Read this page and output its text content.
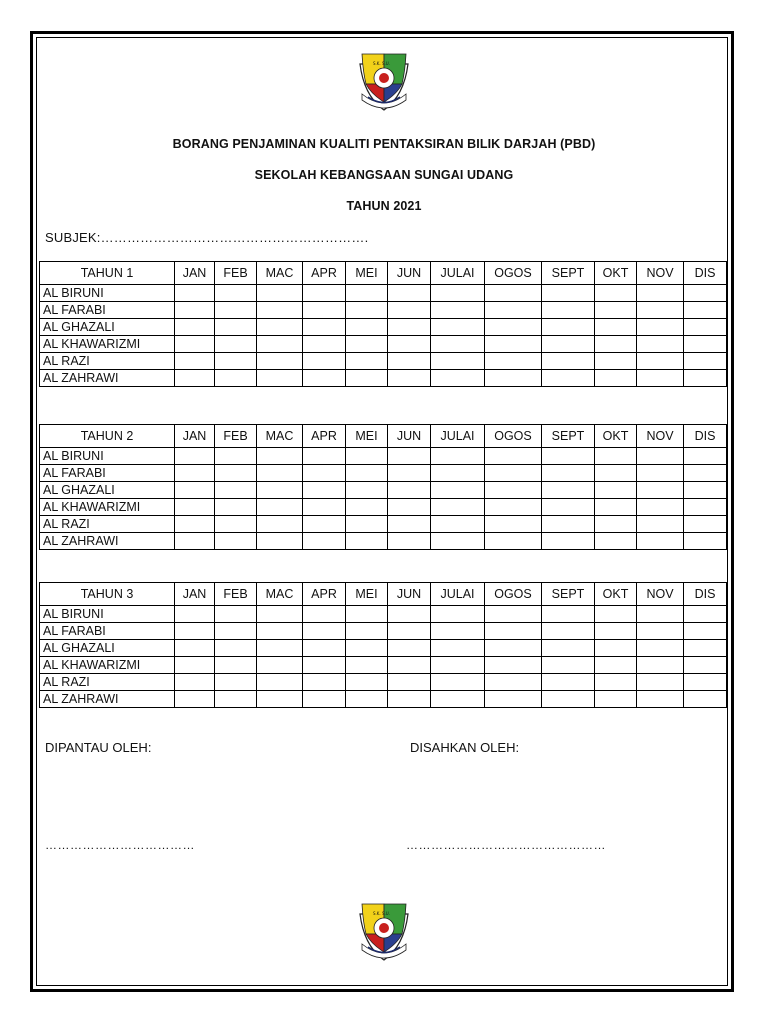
S.K. S.U.
BORANG PENJAMINAN KUALITI PENTAKSIRAN BILIK DARJAH (PBD)
SEKOLAH KEBANGSAAN SUNGAI UDANG
TAHUN 2021
SUBJEK:…………………………………………………….
TAHUN 1	JAN	FEB	MAC	APR	MEI	JUN	JULAI	OGOS	SEPT	OKT	NOV	DIS
AL BIRUNI												
AL FARABI												
AL GHAZALI												
AL KHAWARIZMI												
AL RAZI												
AL ZAHRAWI												
TAHUN 2	JAN	FEB	MAC	APR	MEI	JUN	JULAI	OGOS	SEPT	OKT	NOV	DIS
AL BIRUNI												
AL FARABI												
AL GHAZALI												
AL KHAWARIZMI												
AL RAZI												
AL ZAHRAWI												
TAHUN 3	JAN	FEB	MAC	APR	MEI	JUN	JULAI	OGOS	SEPT	OKT	NOV	DIS
AL BIRUNI												
AL FARABI												
AL GHAZALI												
AL KHAWARIZMI												
AL RAZI												
AL ZAHRAWI												
DIPANTAU OLEH:	DISAHKAN OLEH:
………………………………	…………………………………………
S.K. S.U.
